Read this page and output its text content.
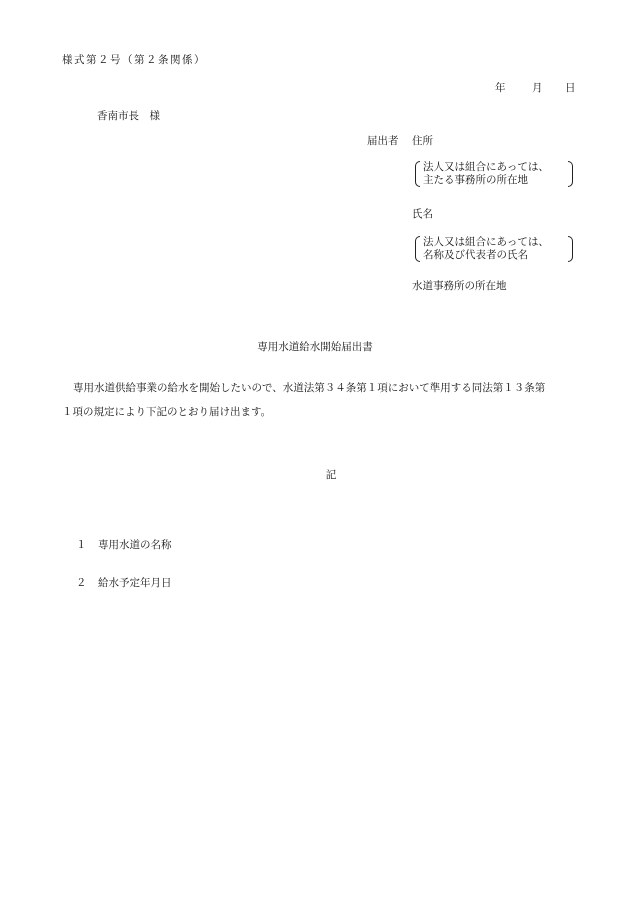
様式第２号（第２条関係）
年	月 日
香南市長　様
届出者 住所
法人又は組合にあっては、
主たる事務所の所在地
氏名
法人又は組合にあっては、
名称及び代表者の氏名
水道事務所の所在地
専用水道給水開始届出書
専用水道供給事業の給水を開始したいので、水道法第３４条第１項において準用する同法第１３条第
１項の規定により下記のとおり届け出ます。
記
１ 専用水道の名称
２ 給水予定年月日
